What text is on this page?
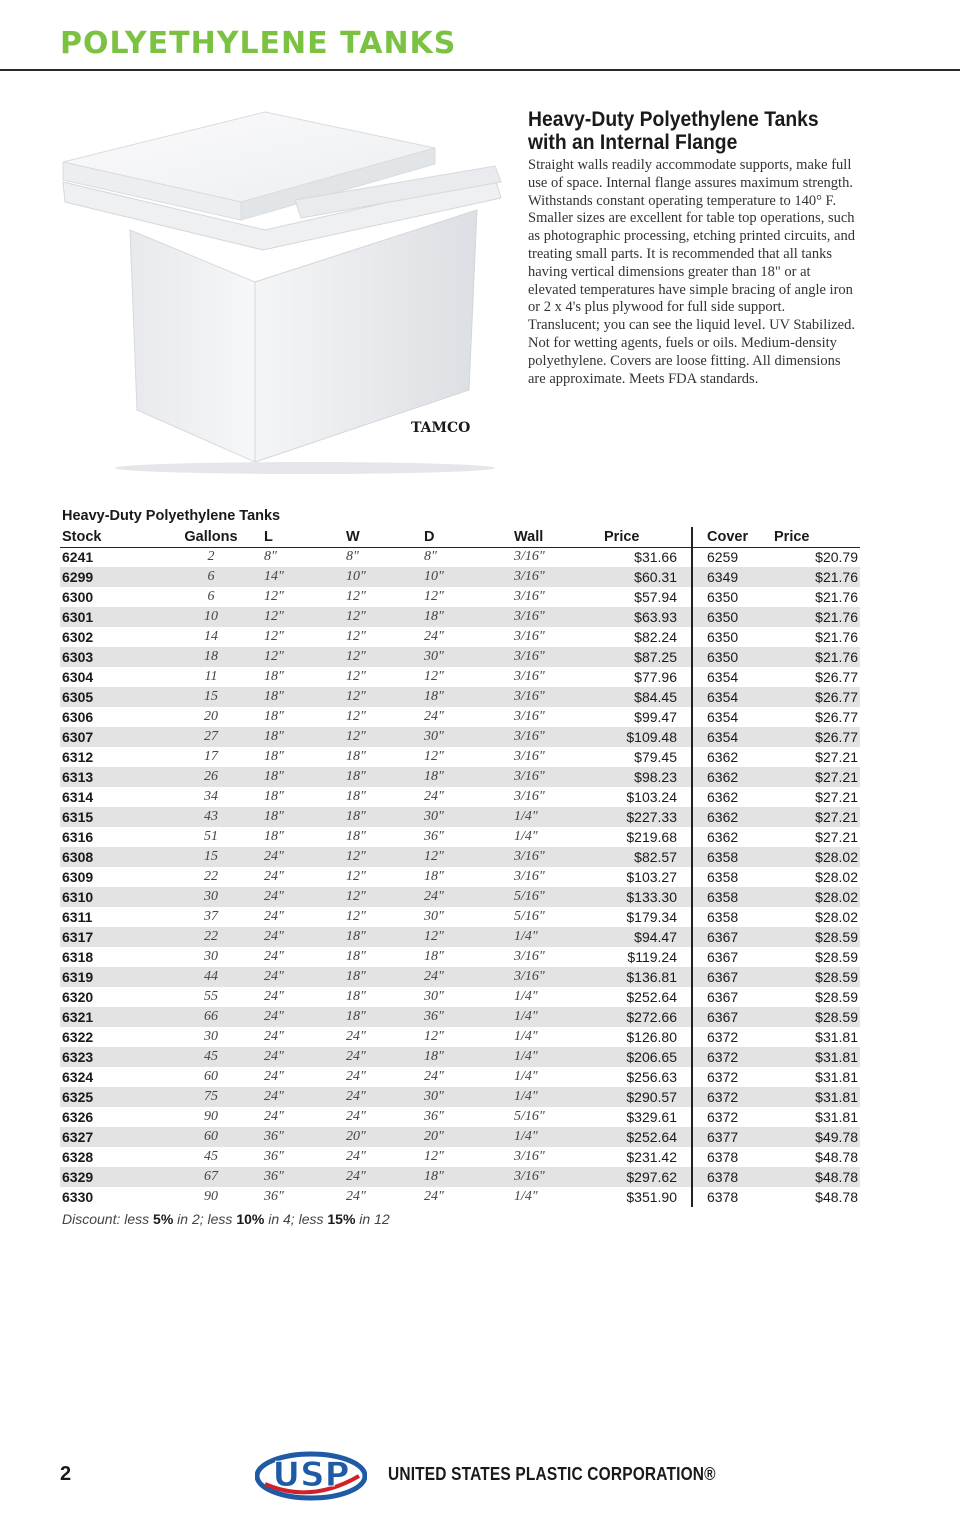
POLYETHYLENE TANKS
TAMCO
Heavy-Duty Polyethylene Tanks with an Internal Flange
Straight walls readily accommodate supports, make full use of space. Internal flange assures maximum strength. Withstands constant operating temperature to 140° F. Smaller sizes are excellent for table top operations, such as photographic processing, etching printed circuits, and treating small parts. It is recommended that all tanks having vertical dimensions greater than 18" or at elevated temperatures have simple bracing of angle iron or 2 x 4's plus plywood for full side support. Translucent; you can see the liquid level. UV Stabilized. Not for wetting agents, fuels or oils. Medium-density polyethylene. Covers are loose fitting. All dimensions are approximate. Meets FDA standards.
Heavy-Duty Polyethylene Tanks
Stock	Gallons	L	W	D	Wall	Price	Cover	Price
6241	2	8"	8"	8"	3/16"	$31.66	6259	$20.79
6299	6	14"	10"	10"	3/16"	$60.31	6349	$21.76
6300	6	12"	12"	12"	3/16"	$57.94	6350	$21.76
6301	10	12"	12"	18"	3/16"	$63.93	6350	$21.76
6302	14	12"	12"	24"	3/16"	$82.24	6350	$21.76
6303	18	12"	12"	30"	3/16"	$87.25	6350	$21.76
6304	11	18"	12"	12"	3/16"	$77.96	6354	$26.77
6305	15	18"	12"	18"	3/16"	$84.45	6354	$26.77
6306	20	18"	12"	24"	3/16"	$99.47	6354	$26.77
6307	27	18"	12"	30"	3/16"	$109.48	6354	$26.77
6312	17	18"	18"	12"	3/16"	$79.45	6362	$27.21
6313	26	18"	18"	18"	3/16"	$98.23	6362	$27.21
6314	34	18"	18"	24"	3/16"	$103.24	6362	$27.21
6315	43	18"	18"	30"	1/4"	$227.33	6362	$27.21
6316	51	18"	18"	36"	1/4"	$219.68	6362	$27.21
6308	15	24"	12"	12"	3/16"	$82.57	6358	$28.02
6309	22	24"	12"	18"	3/16"	$103.27	6358	$28.02
6310	30	24"	12"	24"	5/16"	$133.30	6358	$28.02
6311	37	24"	12"	30"	5/16"	$179.34	6358	$28.02
6317	22	24"	18"	12"	1/4"	$94.47	6367	$28.59
6318	30	24"	18"	18"	3/16"	$119.24	6367	$28.59
6319	44	24"	18"	24"	3/16"	$136.81	6367	$28.59
6320	55	24"	18"	30"	1/4"	$252.64	6367	$28.59
6321	66	24"	18"	36"	1/4"	$272.66	6367	$28.59
6322	30	24"	24"	12"	1/4"	$126.80	6372	$31.81
6323	45	24"	24"	18"	1/4"	$206.65	6372	$31.81
6324	60	24"	24"	24"	1/4"	$256.63	6372	$31.81
6325	75	24"	24"	30"	1/4"	$290.57	6372	$31.81
6326	90	24"	24"	36"	5/16"	$329.61	6372	$31.81
6327	60	36"	20"	20"	1/4"	$252.64	6377	$49.78
6328	45	36"	24"	12"	3/16"	$231.42	6378	$48.78
6329	67	36"	24"	18"	3/16"	$297.62	6378	$48.78
6330	90	36"	24"	24"	1/4"	$351.90	6378	$48.78
Discount: less 5% in 2; less 10% in 4; less 15% in 12
2	USP UNITED STATES PLASTIC CORPORATION®
